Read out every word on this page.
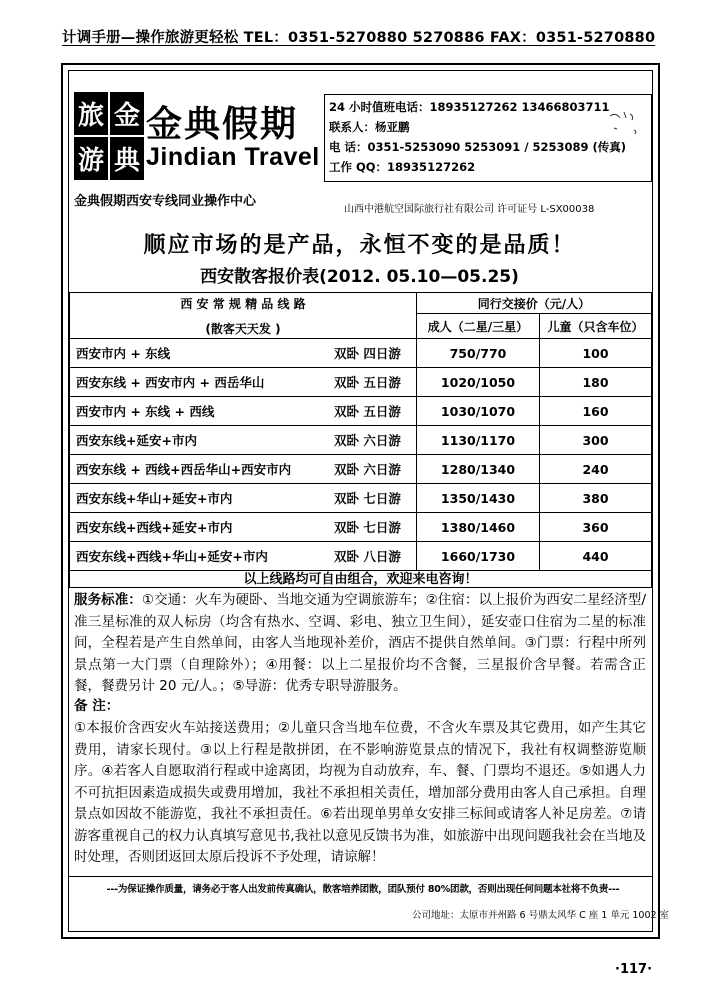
计调手册—操作旅游更轻松 TEL：0351-5270880 5270886 FAX：0351-5270880
旅 金
游 典
金典假期
Jindian Travel
24 小时值班电话：18935127262 13466803711
联系人：杨亚鹏
电 话：0351-5253090 5253091 / 5253089 (传真)
工作 QQ：18935127262
金典假期西安专线同业操作中心
山西中港航空国际旅行社有限公司 许可证号 L-SX00038
顺应市场的是产品，永恒不变的是品质！
西安散客报价表(2012. 05.10—05.25)
西 安 常 规 精 品 线 路
(散客天天发 )	同行交接价（元/人）	
	成人（二星/三星）	儿童（只含车位）
西安市内 + 东线 双卧 四日游	750/770	100
西安东线 + 西安市内 + 西岳华山 双卧 五日游	1020/1050	180
西安市内 + 东线 + 西线 双卧 五日游	1030/1070	160
西安东线+延安+市内 双卧 六日游	1130/1170	300
西安东线 + 西线+西岳华山+西安市内 双卧 六日游	1280/1340	240
西安东线+华山+延安+市内 双卧 七日游	1350/1430	380
西安东线+西线+延安+市内 双卧 七日游	1380/1460	360
西安东线+西线+华山+延安+市内 双卧 八日游	1660/1730	440
以上线路均可自由组合，欢迎来电咨询！
服务标准：①交通：火车为硬卧、当地交通为空调旅游车；②住宿：以上报价为西安二星经济型/准三星标准的双人标房（均含有热水、空调、彩电、独立卫生间），延安壶口住宿为二星的标准间，全程若是产生自然单间，由客人当地现补差价，酒店不提供自然单间。③门票：行程中所列景点第一大门票（自理除外）；④用餐：以上二星报价均不含餐，三星报价含早餐。若需含正餐，餐费另计 20 元/人。；⑤导游：优秀专职导游服务。
备 注：
①本报价含西安火车站接送费用；②儿童只含当地车位费，不含火车票及其它费用，如产生其它费用，请家长现付。③以上行程是散拼团，在不影响游览景点的情况下，我社有权调整游览顺序。④若客人自愿取消行程或中途离团，均视为自动放弃，车、餐、门票均不退还。⑤如遇人力不可抗拒因素造成损失或费用增加，我社不承担相关责任，增加部分费用由客人自己承担。自理景点如因故不能游览，我社不承担责任。⑥若出现单男单女安排三标间或请客人补足房差。⑦请游客重视自己的权力认真填写意见书,我社以意见反馈书为准，如旅游中出现问题我社会在当地及时处理，否则团返回太原后投诉不予处理，请谅解！
---为保证操作质量，请务必于客人出发前传真确认，散客培养团散，团队预付 80%团款，否则出现任何问题本社将不负责---
公司地址：太原市并州路 6 号鼎太风华 C 座 1 单元 1002 室
·117·
